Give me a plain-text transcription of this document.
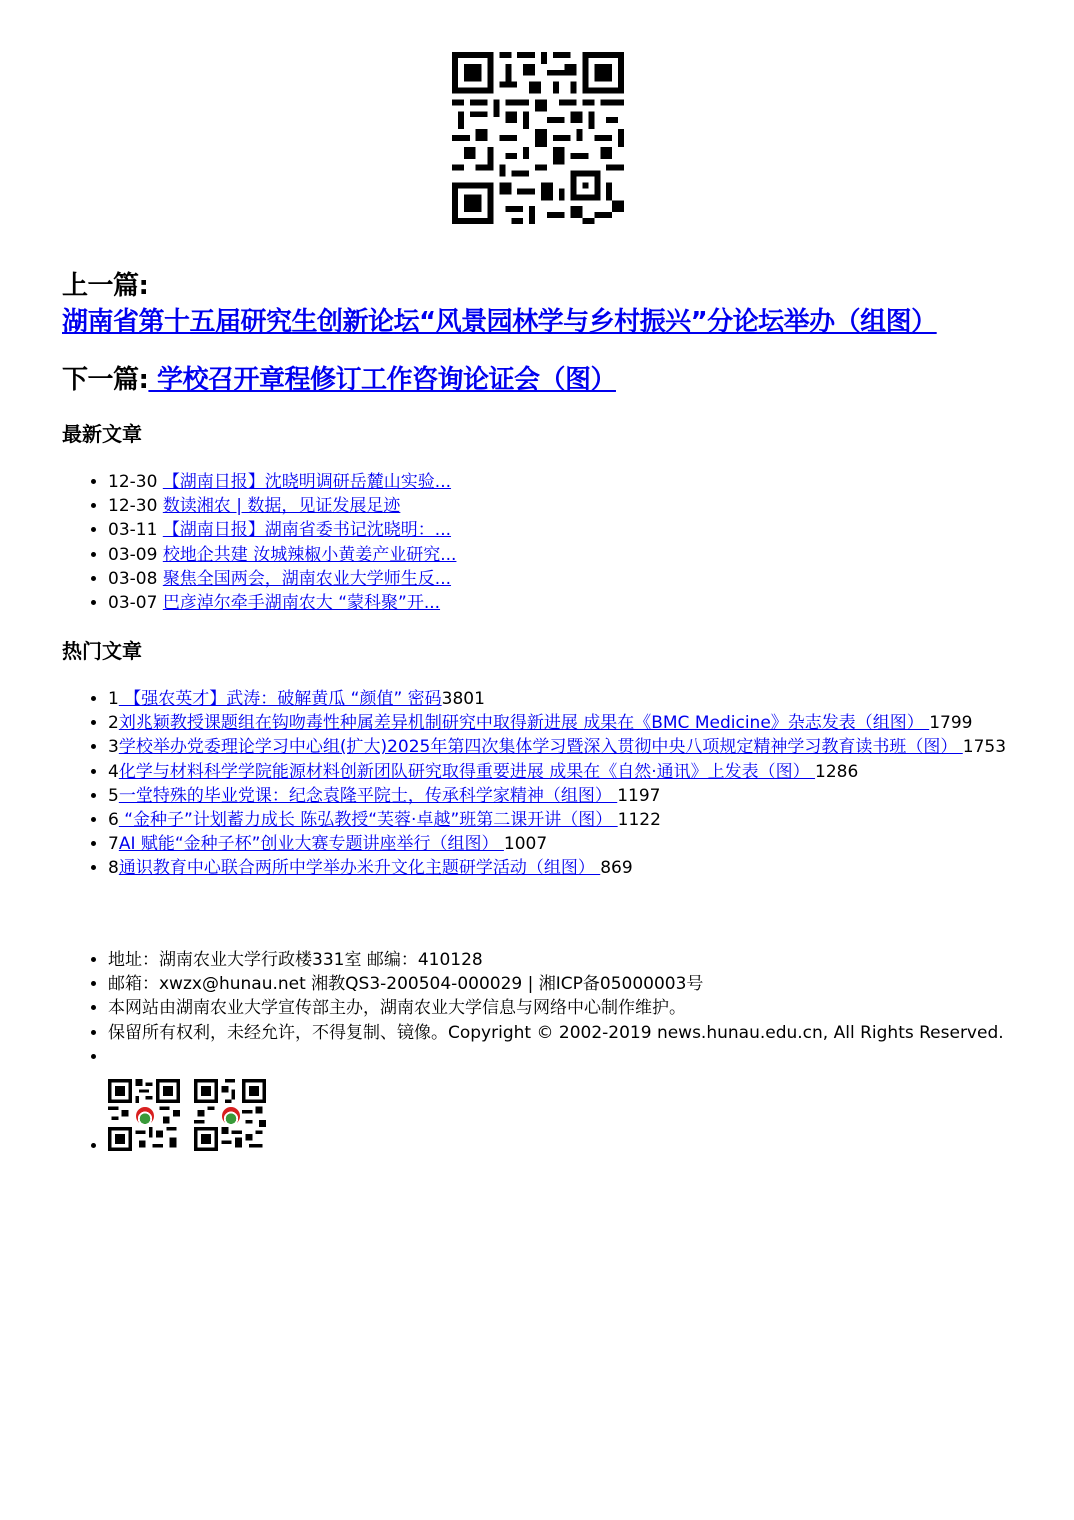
上一篇: 湖南省第十五届研究生创新论坛“风景园林学与乡村振兴”分论坛举办（组图）
下一篇: 学校召开章程修订工作咨询论证会（图）
最新文章
• 12-30 【湖南日报】沈晓明调研岳麓山实验...
• 12-30 数读湘农 | 数据，见证发展足迹
• 03-11 【湖南日报】湖南省委书记沈晓明：...
• 03-09 校地企共建 汝城辣椒小黄姜产业研究...
• 03-08 聚焦全国两会，湖南农业大学师生反...
• 03-07 巴彦淖尔牵手湖南农大 “蒙科聚”开...
热门文章
• 1 【强农英才】武涛：破解黄瓜 “颜值” 密码3801
• 2刘兆颖教授课题组在钩吻毒性种属差异机制研究中取得新进展 成果在《BMC Medicine》杂志发表（组图） 1799
• 3学校举办党委理论学习中心组(扩大)2025年第四次集体学习暨深入贯彻中央八项规定精神学习教育读书班（图） 1753
• 4化学与材料科学学院能源材料创新团队研究取得重要进展 成果在《自然·通讯》上发表（图） 1286
• 5一堂特殊的毕业党课：纪念袁隆平院士，传承科学家精神（组图） 1197
• 6 “金种子”计划蓄力成长 陈弘教授“芙蓉·卓越”班第二课开讲（图） 1122
• 7AI 赋能“金种子杯”创业大赛专题讲座举行（组图） 1007
• 8通识教育中心联合两所中学举办米升文化主题研学活动（组图） 869
• 地址：湖南农业大学行政楼331室 邮编：410128
• 邮箱：xwzx@hunau.net 湘教QS3-200504-000029 | 湘ICP备05000003号
• 本网站由湖南农业大学宣传部主办，湖南农业大学信息与网络中心制作维护。
• 保留所有权利，未经允许，不得复制、镜像。Copyright © 2002-2019 news.hunau.edu.cn, All Rights Reserved.
•
•
